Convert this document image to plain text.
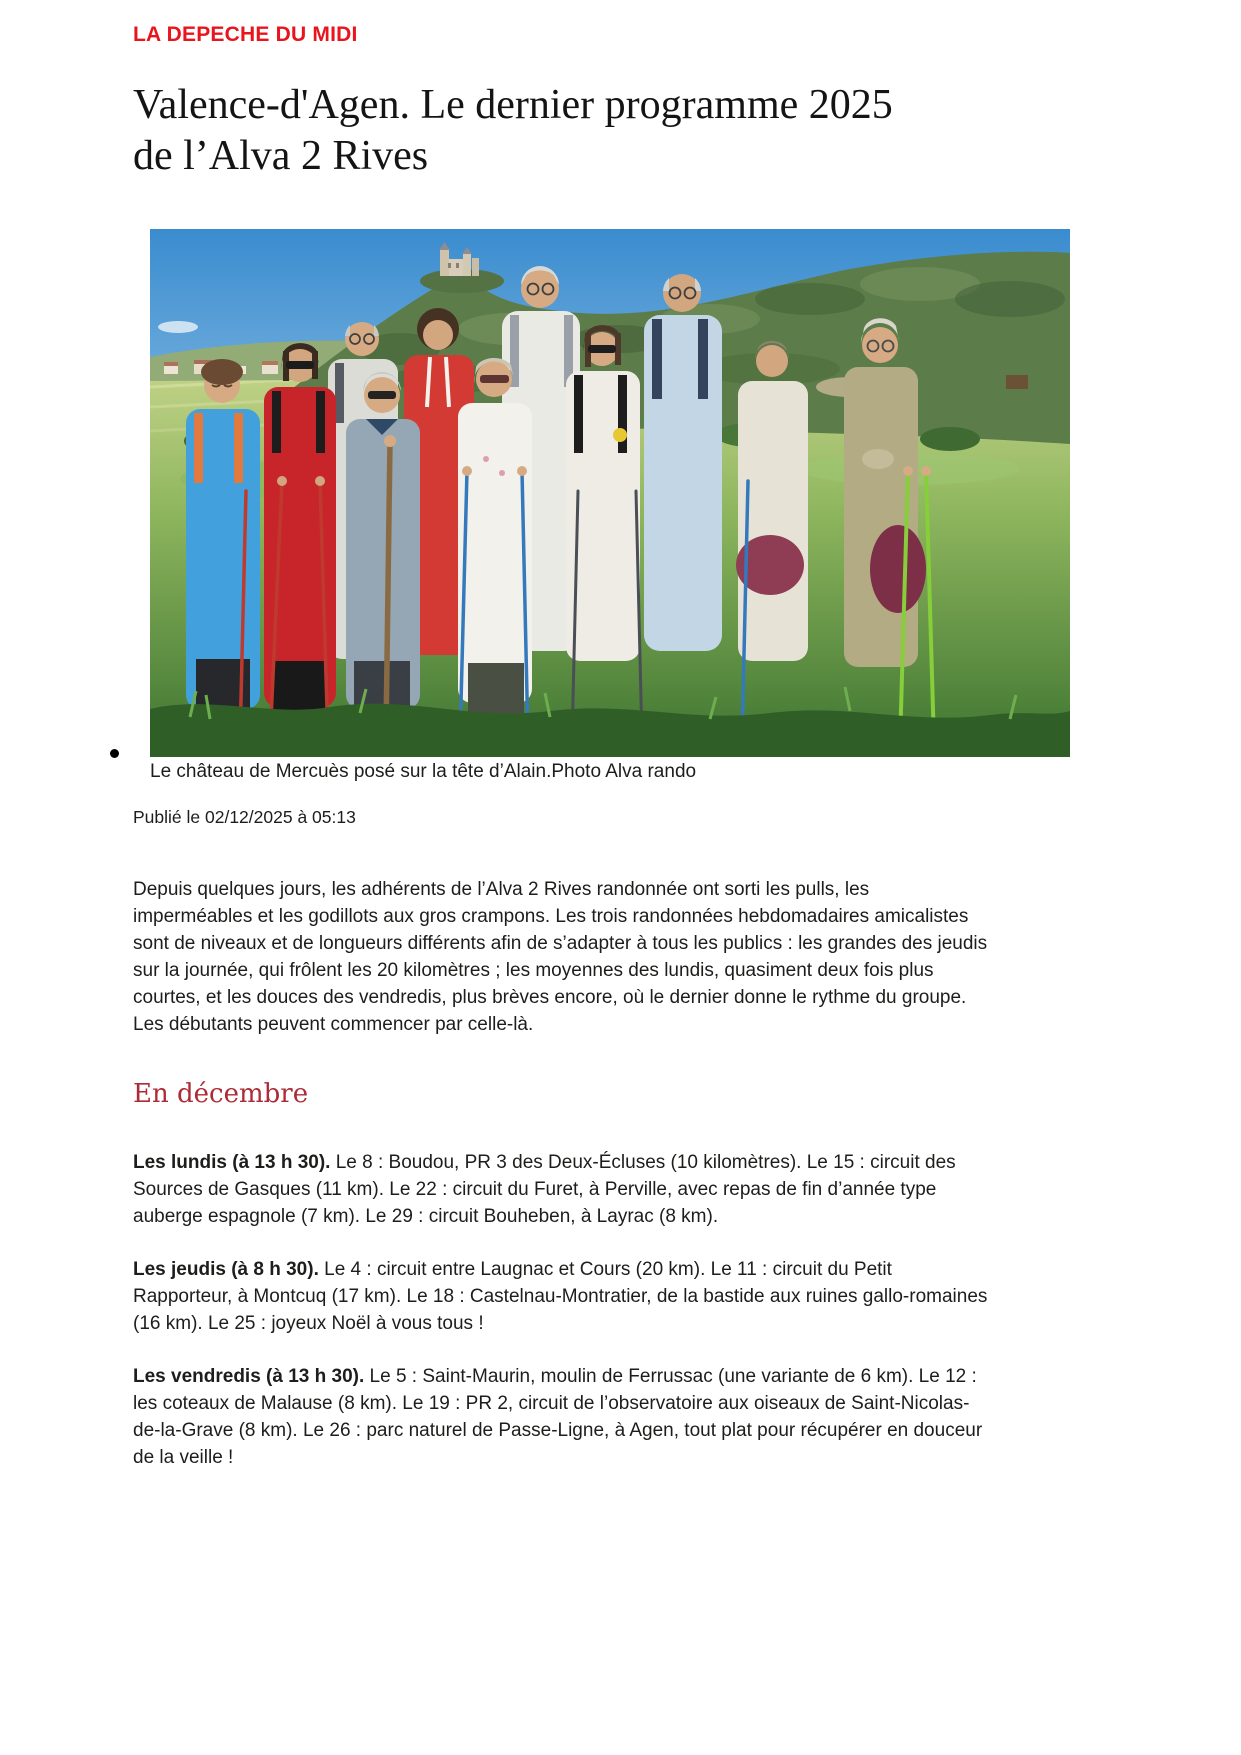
LA DEPECHE DU MIDI
Valence-d'Agen. Le dernier programme 2025
de l’Alva 2 Rives
Le château de Mercuès posé sur la tête d’Alain.Photo Alva rando
Publié le 02/12/2025 à 05:13

Depuis quelques jours, les adhérents de l’Alva 2 Rives randonnée ont sorti les pulls, les imperméables et les godillots aux gros crampons. Les trois randonnées hebdomadaires amicalistes sont de niveaux et de longueurs différents afin de s’adapter à tous les publics : les grandes des jeudis sur la journée, qui frôlent les 20 kilomètres ; les moyennes des lundis, quasiment deux fois plus courtes, et les douces des vendredis, plus brèves encore, où le dernier donne le rythme du groupe. Les débutants peuvent commencer par celle-là.

En décembre

Les lundis (à 13 h 30). Le 8 : Boudou, PR 3 des Deux-Écluses (10 kilomètres). Le 15 : circuit des Sources de Gasques (11 km). Le 22 : circuit du Furet, à Perville, avec repas de fin d’année type auberge espagnole (7 km). Le 29 : circuit Bouheben, à Layrac (8 km).

Les jeudis (à 8 h 30). Le 4 : circuit entre Laugnac et Cours (20 km). Le 11 : circuit du Petit Rapporteur, à Montcuq (17 km). Le 18 : Castelnau-Montratier, de la bastide aux ruines gallo-romaines (16 km). Le 25 : joyeux Noël à vous tous !

Les vendredis (à 13 h 30). Le 5 : Saint-Maurin, moulin de Ferrussac (une variante de 6 km). Le 12 : les coteaux de Malause (8 km). Le 19 : PR 2, circuit de l’observatoire aux oiseaux de Saint-Nicolas-de-la-Grave (8 km). Le 26 : parc naturel de Passe-Ligne, à Agen, tout plat pour récupérer en douceur de la veille !
